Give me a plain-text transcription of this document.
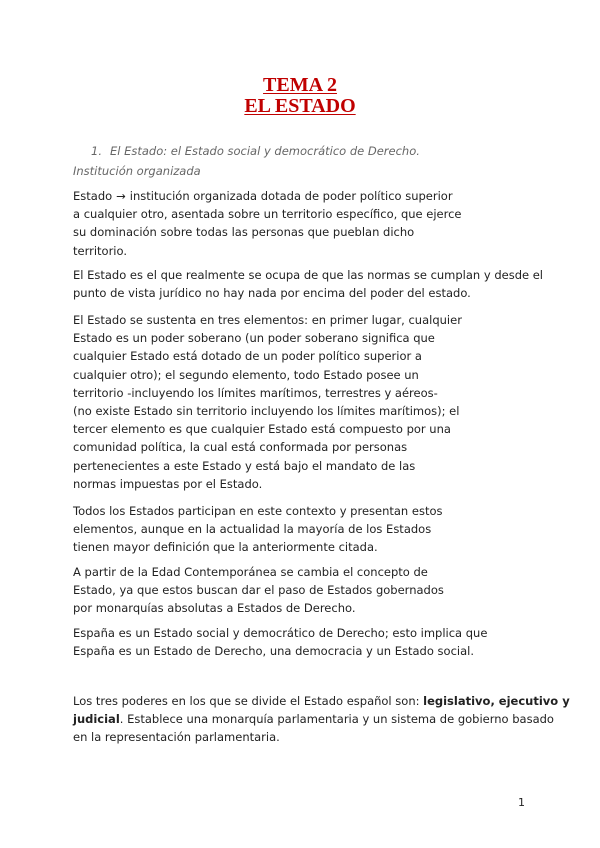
TEMA 2
EL ESTADO
1. El Estado: el Estado social y democrático de Derecho.
Institución organizada
Estado → institución organizada dotada de poder político superior
a cualquier otro, asentada sobre un territorio específico, que ejerce
su dominación sobre todas las personas que pueblan dicho
territorio.
El Estado es el que realmente se ocupa de que las normas se cumplan y desde el
punto de vista jurídico no hay nada por encima del poder del estado.
El Estado se sustenta en tres elementos: en primer lugar, cualquier
Estado es un poder soberano (un poder soberano significa que
cualquier Estado está dotado de un poder político superior a
cualquier otro); el segundo elemento, todo Estado posee un
territorio -incluyendo los límites marítimos, terrestres y aéreos-
(no existe Estado sin territorio incluyendo los límites marítimos); el
tercer elemento es que cualquier Estado está compuesto por una
comunidad política, la cual está conformada por personas
pertenecientes a este Estado y está bajo el mandato de las
normas impuestas por el Estado.
Todos los Estados participan en este contexto y presentan estos
elementos, aunque en la actualidad la mayoría de los Estados
tienen mayor definición que la anteriormente citada.
A partir de la Edad Contemporánea se cambia el concepto de
Estado, ya que estos buscan dar el paso de Estados gobernados
por monarquías absolutas a Estados de Derecho.
España es un Estado social y democrático de Derecho; esto implica que
España es un Estado de Derecho, una democracia y un Estado social.
Los tres poderes en los que se divide el Estado español son: legislativo, ejecutivo y
judicial. Establece una monarquía parlamentaria y un sistema de gobierno basado
en la representación parlamentaria.
1
